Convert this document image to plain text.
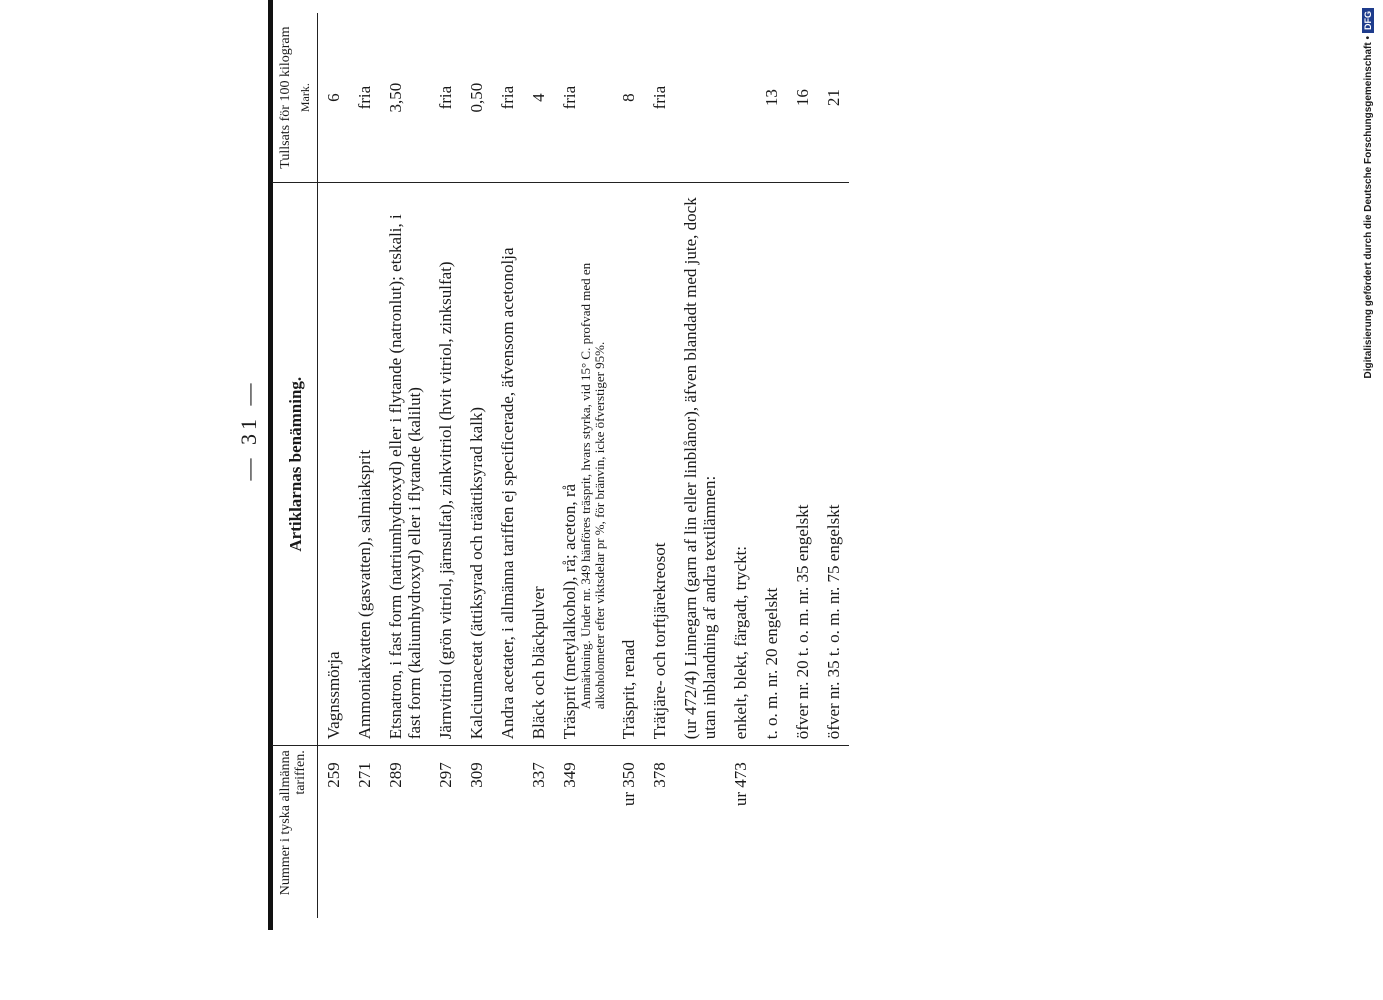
— 31 —
Nummer i tyska allmänna tariffen.	Artiklarnas benämning.	Tullsats för 100 kilogram Mark.

259	Vagnssmörja	6
271	Ammoniakvatten (gasvatten), salmiaksprit	fria
289	Etsnatron, i fast form (natriumhydroxyd) eller i flytande (natronlut); etskali, i fast form (kaliumhydroxyd) eller i flytande (kalilut)	3,50
297	Järnvitriol (grön vitriol, järnsulfat), zinkvitriol (hvit vitriol, zinksulfat)	fria
309	Kalciumacetat (ättiksyrad och träättiksyrad kalk)	0,50
	Andra acetater, i allmänna tariffen ej specificerade, äfvensom acetonolja	fria
337	Bläck och bläckpulver	4
349	Träsprit (metylalkohol), rå; aceton, rå Anmärkning. Under nr. 349 hänföres träsprit, hvars styrka, vid 15° C. profvad med en alkoholometer efter viktsdelar pr %, för bränvin, icke öfverstiger 95%.	fria
ur 350	Träsprit, renad	8
378	Trätjäre- och torftjärekreosot	fria
	(ur 472/4) Linnegarn (garn af lin eller linblånor), äfven blandadt med jute, dock utan inblandning af andra textilämnen:	
ur 473	enkelt, blekt, färgadt, tryckt:	
	t. o. m. nr. 20 engelskt	13
	öfver nr. 20 t. o. m. nr. 35 engelskt	16
	öfver nr. 35 t. o. m. nr. 75 engelskt	21	Digitalisierung gefördert durch die Deutsche Forschungsgemeinschaft •
DFG
